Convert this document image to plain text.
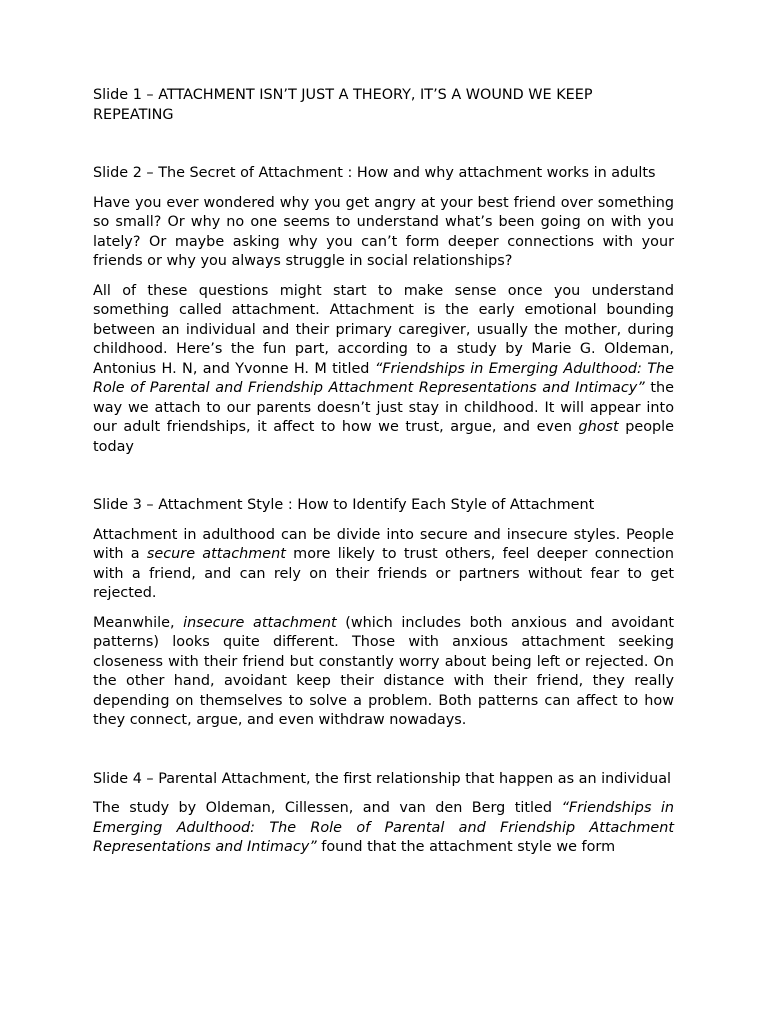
Slide 1 – ATTACHMENT ISN’T JUST A THEORY, IT’S A WOUND WE KEEP REPEATING

Slide 2 – The Secret of Attachment : How and why attachment works in adults

Have you ever wondered why you get angry at your best friend over something so small? Or why no one seems to understand what’s been going on with you lately? Or maybe asking why you can’t form deeper connections with your friends or why you always struggle in social relationships?

All of these questions might start to make sense once you understand something called attachment. Attachment is the early emotional bounding between an individual and their primary caregiver, usually the mother, during childhood. Here’s the fun part, according to a study by Marie G. Oldeman, Antonius H. N, and Yvonne H. M titled “Friendships in Emerging Adulthood: The Role of Parental and Friendship Attachment Representations and Intimacy” the way we attach to our parents doesn’t just stay in childhood. It will appear into our adult friendships, it affect to how we trust, argue, and even ghost people today

Slide 3 – Attachment Style : How to Identify Each Style of Attachment

Attachment in adulthood can be divide into secure and insecure styles. People with a secure attachment more likely to trust others, feel deeper connection with a friend, and can rely on their friends or partners without fear to get rejected.

Meanwhile, insecure attachment (which includes both anxious and avoidant patterns) looks quite different. Those with anxious attachment seeking closeness with their friend but constantly worry about being left or rejected. On the other hand, avoidant keep their distance with their friend, they really depending on themselves to solve a problem. Both patterns can affect to how they connect, argue, and even withdraw nowadays.

Slide 4 – Parental Attachment, the first relationship that happen as an individual

The study by Oldeman, Cillessen, and van den Berg titled “Friendships in Emerging Adulthood: The Role of Parental and Friendship Attachment Representations and Intimacy” found that the attachment style we form
